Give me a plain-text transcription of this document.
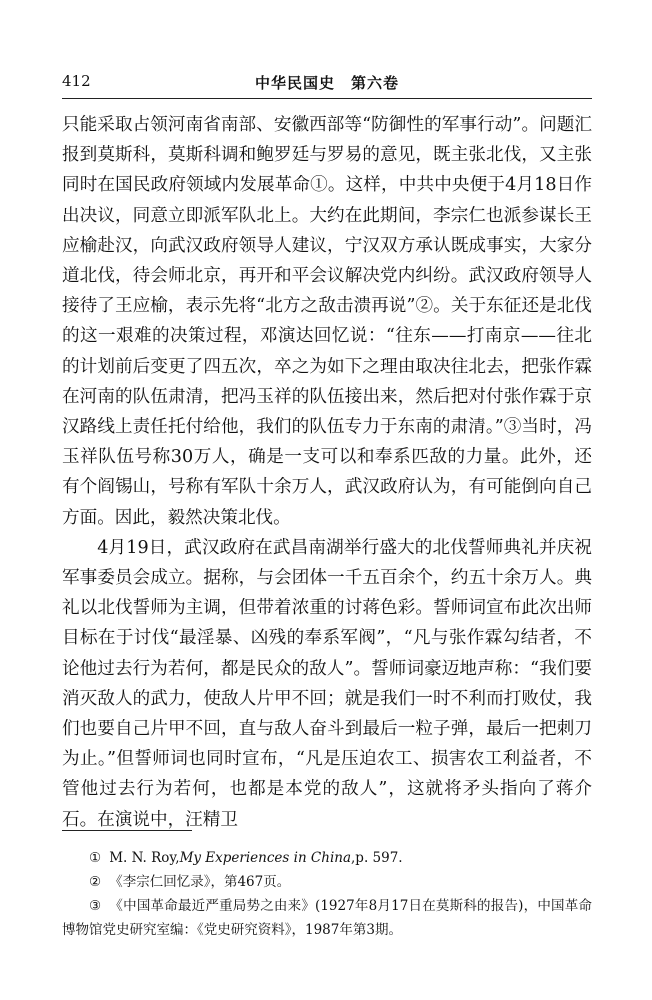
412	中华民国史　第六卷

只能采取占领河南省南部、安徽西部等“防御性的军事行动”。问题汇报到莫斯科，莫斯科调和鲍罗廷与罗易的意见，既主张北伐，又主张同时在国民政府领域内发展革命①。这样，中共中央便于4月18日作出决议，同意立即派军队北上。大约在此期间，李宗仁也派参谋长王应榆赴汉，向武汉政府领导人建议，宁汉双方承认既成事实，大家分道北伐，待会师北京，再开和平会议解决党内纠纷。武汉政府领导人接待了王应榆，表示先将“北方之敌击溃再说”②。关于东征还是北伐的这一艰难的决策过程，邓演达回忆说：“往东——打南京——往北的计划前后变更了四五次，卒之为如下之理由取决往北去，把张作霖在河南的队伍肃清，把冯玉祥的队伍接出来，然后把对付张作霖于京汉路线上责任托付给他，我们的队伍专力于东南的肃清。”③当时，冯玉祥队伍号称30万人，确是一支可以和奉系匹敌的力量。此外，还有个阎锡山，号称有军队十余万人，武汉政府认为，有可能倒向自己方面。因此，毅然决策北伐。

4月19日，武汉政府在武昌南湖举行盛大的北伐誓师典礼并庆祝军事委员会成立。据称，与会团体一千五百余个，约五十余万人。典礼以北伐誓师为主调，但带着浓重的讨蒋色彩。誓师词宣布此次出师目标在于讨伐“最淫暴、凶残的奉系军阀”，“凡与张作霖勾结者，不论他过去行为若何，都是民众的敌人”。誓师词豪迈地声称：“我们要消灭敌人的武力，使敌人片甲不回；就是我们一时不利而打败仗，我们也要自己片甲不回，直与敌人奋斗到最后一粒子弹，最后一把刺刀为止。”但誓师词也同时宣布，“凡是压迫农工、损害农工利益者，不管他过去行为若何，也都是本党的敌人”，这就将矛头指向了蒋介石。在演说中，汪精卫

① M. N. Roy,My Experiences in China,p. 597.

② 《李宗仁回忆录》，第467页。

③ 《中国革命最近严重局势之由来》(1927年8月17日在莫斯科的报告)，中国革命博物馆党史研究室编：《党史研究资料》，1987年第3期。
